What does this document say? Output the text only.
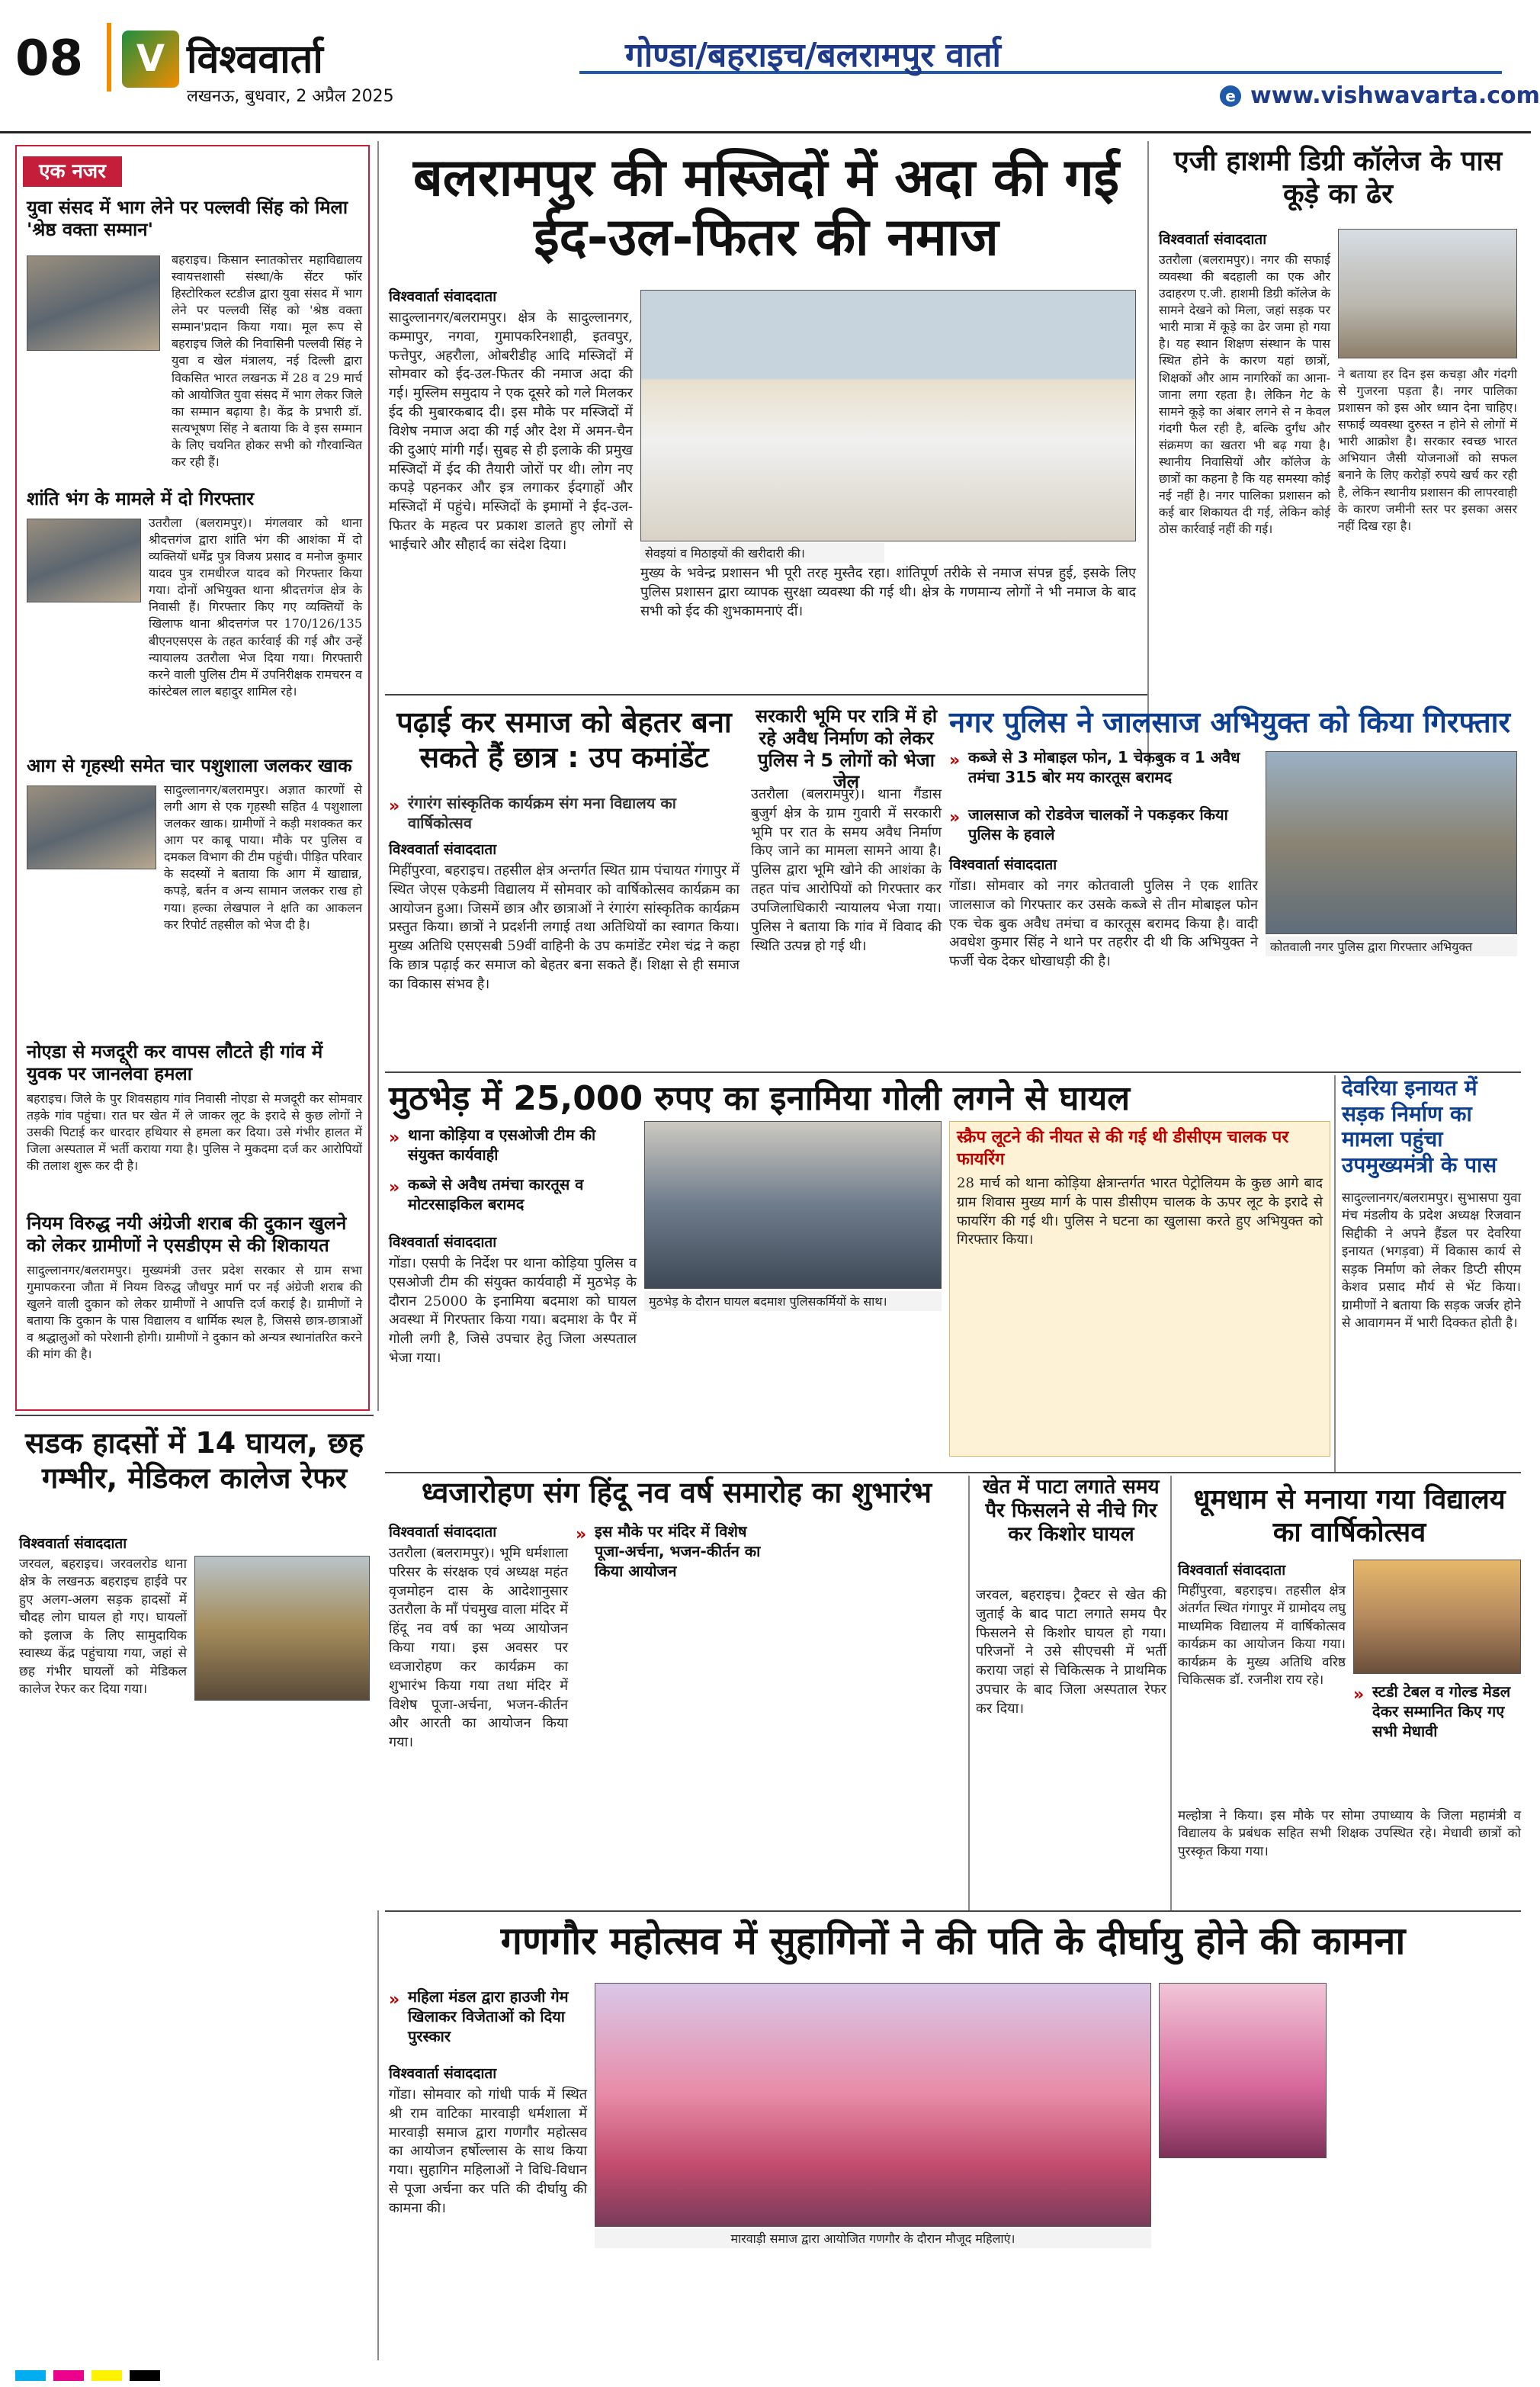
08	V विश्ववार्ता
लखनऊ, बुधवार, 2 अप्रैल 2025
गोण्डा/बहराइच/बलरामपुर वार्ता
e www.vishwavarta.com
एक नजर
युवा संसद में भाग लेने पर पल्लवी सिंह को मिला 'श्रेष्ठ वक्ता सम्मान'
बहराइच। किसान स्नातकोत्तर महाविद्यालय स्वायत्तशासी संस्था/के सेंटर फॉर हिस्टोरिकल स्टडीज द्वारा युवा संसद में भाग लेने पर पल्लवी सिंह को 'श्रेष्ठ वक्ता सम्मान'प्रदान किया गया। मूल रूप से बहराइच जिले की निवासिनी पल्लवी सिंह ने युवा व खेल मंत्रालय, नई दिल्ली द्वारा विकसित भारत लखनऊ में 28 व 29 मार्च को आयोजित युवा संसद में भाग लेकर जिले का सम्मान बढ़ाया है। केंद्र के प्रभारी डॉ. सत्यभूषण सिंह ने बताया कि वे इस सम्मान के लिए चयनित होकर सभी को गौरवान्वित कर रही हैं।
शांति भंग के मामले में दो गिरफ्तार
उतरौला (बलरामपुर)। मंगलवार को थाना श्रीदत्तगंज द्वारा शांति भंग की आशंका में दो व्यक्तियों धर्मेंद्र पुत्र विजय प्रसाद व मनोज कुमार यादव पुत्र रामधीरज यादव को गिरफ्तार किया गया। दोनों अभियुक्त थाना श्रीदत्तगंज क्षेत्र के निवासी हैं। गिरफ्तार किए गए व्यक्तियों के खिलाफ थाना श्रीदत्तगंज पर 170/126/135 बीएनएसएस के तहत कार्रवाई की गई और उन्हें न्यायालय उतरौला भेज दिया गया। गिरफ्तारी करने वाली पुलिस टीम में उपनिरीक्षक रामचरन व कांस्टेबल लाल बहादुर शामिल रहे।
आग से गृहस्थी समेत चार पशुशाला जलकर खाक
सादुल्लानगर/बलरामपुर। अज्ञात कारणों से लगी आग से एक गृहस्थी सहित 4 पशुशाला जलकर खाक। ग्रामीणों ने कड़ी मशक्कत कर आग पर काबू पाया। मौके पर पुलिस व दमकल विभाग की टीम पहुंची। पीड़ित परिवार के सदस्यों ने बताया कि आग में खाद्यान्न, कपड़े, बर्तन व अन्य सामान जलकर राख हो गया। हल्का लेखपाल ने क्षति का आकलन कर रिपोर्ट तहसील को भेज दी है।
नोएडा से मजदूरी कर वापस लौटते ही गांव में युवक पर जानलेवा हमला
बहराइच। जिले के पुर शिवसहाय गांव निवासी नोएडा से मजदूरी कर सोमवार तड़के गांव पहुंचा। रात घर खेत में ले जाकर लूट के इरादे से कुछ लोगों ने उसकी पिटाई कर धारदार हथियार से हमला कर दिया। उसे गंभीर हालत में जिला अस्पताल में भर्ती कराया गया है। पुलिस ने मुकदमा दर्ज कर आरोपियों की तलाश शुरू कर दी है।
नियम विरुद्ध नयी अंग्रेजी शराब की दुकान खुलने को लेकर ग्रामीणों ने एसडीएम से की शिकायत
सादुल्लानगर/बलरामपुर। मुख्यमंत्री उत्तर प्रदेश सरकार से ग्राम सभा गुमापकरना जौता में नियम विरुद्ध जौधपुर मार्ग पर नई अंग्रेजी शराब की खुलने वाली दुकान को लेकर ग्रामीणों ने आपत्ति दर्ज कराई है। ग्रामीणों ने बताया कि दुकान के पास विद्यालय व धार्मिक स्थल है, जिससे छात्र-छात्राओं व श्रद्धालुओं को परेशानी होगी। ग्रामीणों ने दुकान को अन्यत्र स्थानांतरित करने की मांग की है।
बलरामपुर की मस्जिदों में अदा की गई ईद-उल-फितर की नमाज
विश्ववार्ता संवाददाता
सादुल्लानगर/बलरामपुर। क्षेत्र के सादुल्लानगर, कम्मापुर, नगवा, गुमापकरिनशाही, इतवपुर, फत्तेपुर, अहरौला, ओबरीडीह आदि मस्जिदों में सोमवार को ईद-उल-फितर की नमाज अदा की गई। मुस्लिम समुदाय ने एक दूसरे को गले मिलकर ईद की मुबारकबाद दी। इस मौके पर मस्जिदों में विशेष नमाज अदा की गई और देश में अमन-चैन की दुआएं मांगी गईं। सुबह से ही इलाके की प्रमुख मस्जिदों में ईद की तैयारी जोरों पर थी। लोग नए कपड़े पहनकर और इत्र लगाकर ईदगाहों और मस्जिदों में पहुंचे। मस्जिदों के इमामों ने ईद-उल-फितर के महत्व पर प्रकाश डालते हुए लोगों से भाईचारे और सौहार्द का संदेश दिया।
सेवइयां व मिठाइयों की खरीदारी की।
मुख्य के भवेन्द्र प्रशासन भी पूरी तरह मुस्तैद रहा। शांतिपूर्ण तरीके से नमाज संपन्न हुई, इसके लिए पुलिस प्रशासन द्वारा व्यापक सुरक्षा व्यवस्था की गई थी। क्षेत्र के गणमान्य लोगों ने भी नमाज के बाद सभी को ईद की शुभकामनाएं दीं।
एजी हाशमी डिग्री कॉलेज के पास कूड़े का ढेर
विश्ववार्ता संवाददाता
उतरौला (बलरामपुर)। नगर की सफाई व्यवस्था की बदहाली का एक और उदाहरण ए.जी. हाशमी डिग्री कॉलेज के सामने देखने को मिला, जहां सड़क पर भारी मात्रा में कूड़े का ढेर जमा हो गया है। यह स्थान शिक्षण संस्थान के पास स्थित होने के कारण यहां छात्रों, शिक्षकों और आम नागरिकों का आना-जाना लगा रहता है। लेकिन गेट के सामने कूड़े का अंबार लगने से न केवल गंदगी फैल रही है, बल्कि दुर्गंध और संक्रमण का खतरा भी बढ़ गया है। स्थानीय निवासियों और कॉलेज के छात्रों का कहना है कि यह समस्या कोई नई नहीं है। नगर पालिका प्रशासन को कई बार शिकायत दी गई, लेकिन कोई ठोस कार्रवाई नहीं की गई।
ने बताया हर दिन इस कचड़ा और गंदगी से गुजरना पड़ता है। नगर पालिका प्रशासन को इस ओर ध्यान देना चाहिए। सफाई व्यवस्था दुरुस्त न होने से लोगों में भारी आक्रोश है। सरकार स्वच्छ भारत अभियान जैसी योजनाओं को सफल बनाने के लिए करोड़ों रुपये खर्च कर रही है, लेकिन स्थानीय प्रशासन की लापरवाही के कारण जमीनी स्तर पर इसका असर नहीं दिख रहा है।
पढ़ाई कर समाज को बेहतर बना सकते हैं छात्र : उप कमांडेंट
» रंगारंग सांस्कृतिक कार्यक्रम संग मना विद्यालय का वार्षिकोत्सव
विश्ववार्ता संवाददाता
मिहींपुरवा, बहराइच। तहसील क्षेत्र अन्तर्गत स्थित ग्राम पंचायत गंगापुर में स्थित जेएस एकेडमी विद्यालय में सोमवार को वार्षिकोत्सव कार्यक्रम का आयोजन हुआ। जिसमें छात्र और छात्राओं ने रंगारंग सांस्कृतिक कार्यक्रम प्रस्तुत किया। छात्रों ने प्रदर्शनी लगाई तथा अतिथियों का स्वागत किया। मुख्य अतिथि एसएसबी 59वीं वाहिनी के उप कमांडेंट रमेश चंद्र ने कहा कि छात्र पढ़ाई कर समाज को बेहतर बना सकते हैं। शिक्षा से ही समाज का विकास संभव है।
सरकारी भूमि पर रात्रि में हो रहे अवैध निर्माण को लेकर पुलिस ने 5 लोगों को भेजा जेल
उतरौला (बलरामपुर)। थाना गैंडास बुजुर्ग क्षेत्र के ग्राम गुवारी में सरकारी भूमि पर रात के समय अवैध निर्माण किए जाने का मामला सामने आया है। पुलिस द्वारा भूमि खोने की आशंका के तहत पांच आरोपियों को गिरफ्तार कर उपजिलाधिकारी न्यायालय भेजा गया। पुलिस ने बताया कि गांव में विवाद की स्थिति उत्पन्न हो गई थी।
नगर पुलिस ने जालसाज अभियुक्त को किया गिरफ्तार
» कब्जे से 3 मोबाइल फोन, 1 चेकबुक व 1 अवैध तमंचा 315 बोर मय कारतूस बरामद
» जालसाज को रोडवेज चालकों ने पकड़कर किया पुलिस के हवाले
कोतवाली नगर पुलिस द्वारा गिरफ्तार अभियुक्त
विश्ववार्ता संवाददाता
गोंडा। सोमवार को नगर कोतवाली पुलिस ने एक शातिर जालसाज को गिरफ्तार कर उसके कब्जे से तीन मोबाइल फोन एक चेक बुक अवैध तमंचा व कारतूस बरामद किया है। वादी अवधेश कुमार सिंह ने थाने पर तहरीर दी थी कि अभियुक्त ने फर्जी चेक देकर धोखाधड़ी की है।
मुठभेड़ में 25,000 रुपए का इनामिया गोली लगने से घायल
» थाना कोड़िया व एसओजी टीम की संयुक्त कार्यवाही
» कब्जे से अवैध तमंचा कारतूस व मोटरसाइकिल बरामद
मुठभेड़ के दौरान घायल बदमाश पुलिसकर्मियों के साथ।
विश्ववार्ता संवाददाता
गोंडा। एसपी के निर्देश पर थाना कोड़िया पुलिस व एसओजी टीम की संयुक्त कार्यवाही में मुठभेड़ के दौरान 25000 के इनामिया बदमाश को घायल अवस्था में गिरफ्तार किया गया। बदमाश के पैर में गोली लगी है, जिसे उपचार हेतु जिला अस्पताल भेजा गया।
स्क्रैप लूटने की नीयत से की गई थी डीसीएम चालक पर फायरिंग
28 मार्च को थाना कोड़िया क्षेत्रान्तर्गत भारत पेट्रोलियम के कुछ आगे बाद ग्राम शिवास मुख्य मार्ग के पास डीसीएम चालक के ऊपर लूट के इरादे से फायरिंग की गई थी। पुलिस ने घटना का खुलासा करते हुए अभियुक्त को गिरफ्तार किया।
देवरिया इनायत में सड़क निर्माण का मामला पहुंचा उपमुख्यमंत्री के पास
सादुल्लानगर/बलरामपुर। सुभासपा युवा मंच मंडलीय के प्रदेश अध्यक्ष रिजवान सिद्दीकी ने अपने हैंडल पर देवरिया इनायत (भगड़वा) में विकास कार्य से सड़क निर्माण को लेकर डिप्टी सीएम केशव प्रसाद मौर्य से भेंट किया। ग्रामीणों ने बताया कि सड़क जर्जर होने से आवागमन में भारी दिक्कत होती है।
ध्वजारोहण संग हिंदू नव वर्ष समारोह का शुभारंभ
विश्ववार्ता संवाददाता
उतरौला (बलरामपुर)। भूमि धर्मशाला परिसर के संरक्षक एवं अध्यक्ष महंत वृजमोहन दास के आदेशानुसार उतरौला के माँ पंचमुख वाला मंदिर में हिंदू नव वर्ष का भव्य आयोजन किया गया। इस अवसर पर ध्वजारोहण कर कार्यक्रम का शुभारंभ किया गया तथा मंदिर में विशेष पूजा-अर्चना, भजन-कीर्तन और आरती का आयोजन किया गया।
» इस मौके पर मंदिर में विशेष पूजा-अर्चना, भजन-कीर्तन का किया आयोजन
खेत में पाटा लगाते समय पैर फिसलने से नीचे गिर कर किशोर घायल
जरवल, बहराइच। ट्रैक्टर से खेत की जुताई के बाद पाटा लगाते समय पैर फिसलने से किशोर घायल हो गया। परिजनों ने उसे सीएचसी में भर्ती कराया जहां से चिकित्सक ने प्राथमिक उपचार के बाद जिला अस्पताल रेफर कर दिया।
धूमधाम से मनाया गया विद्यालय का वार्षिकोत्सव
विश्ववार्ता संवाददाता
मिहींपुरवा, बहराइच। तहसील क्षेत्र अंतर्गत स्थित गंगापुर में ग्रामोदय लघु माध्यमिक विद्यालय में वार्षिकोत्सव कार्यक्रम का आयोजन किया गया। कार्यक्रम के मुख्य अतिथि वरिष्ठ चिकित्सक डॉ. रजनीश राय रहे।
» स्टडी टेबल व गोल्ड मेडल देकर सम्मानित किए गए सभी मेधावी
मल्होत्रा ने किया। इस मौके पर सोमा उपाध्याय के जिला महामंत्री व विद्यालय के प्रबंधक सहित सभी शिक्षक उपस्थित रहे। मेधावी छात्रों को पुरस्कृत किया गया।
सडक हादसों में 14 घायल, छह गम्भीर, मेडिकल कालेज रेफर
विश्ववार्ता संवाददाता
जरवल, बहराइच। जरवलरोड थाना क्षेत्र के लखनऊ बहराइच हाईवे पर हुए अलग-अलग सड़क हादसों में चौदह लोग घायल हो गए। घायलों को इलाज के लिए सामुदायिक स्वास्थ्य केंद्र पहुंचाया गया, जहां से छह गंभीर घायलों को मेडिकल कालेज रेफर कर दिया गया।
गणगौर महोत्सव में सुहागिनों ने की पति के दीर्घायु होने की कामना
» महिला मंडल द्वारा हाउजी गेम खिलाकर विजेताओं को दिया पुरस्कार
विश्ववार्ता संवाददाता
गोंडा। सोमवार को गांधी पार्क में स्थित श्री राम वाटिका मारवाड़ी धर्मशाला में मारवाड़ी समाज द्वारा गणगौर महोत्सव का आयोजन हर्षोल्लास के साथ किया गया। सुहागिन महिलाओं ने विधि-विधान से पूजा अर्चना कर पति की दीर्घायु की कामना की।
मारवाड़ी समाज द्वारा आयोजित गणगौर के दौरान मौजूद महिलाएं।
